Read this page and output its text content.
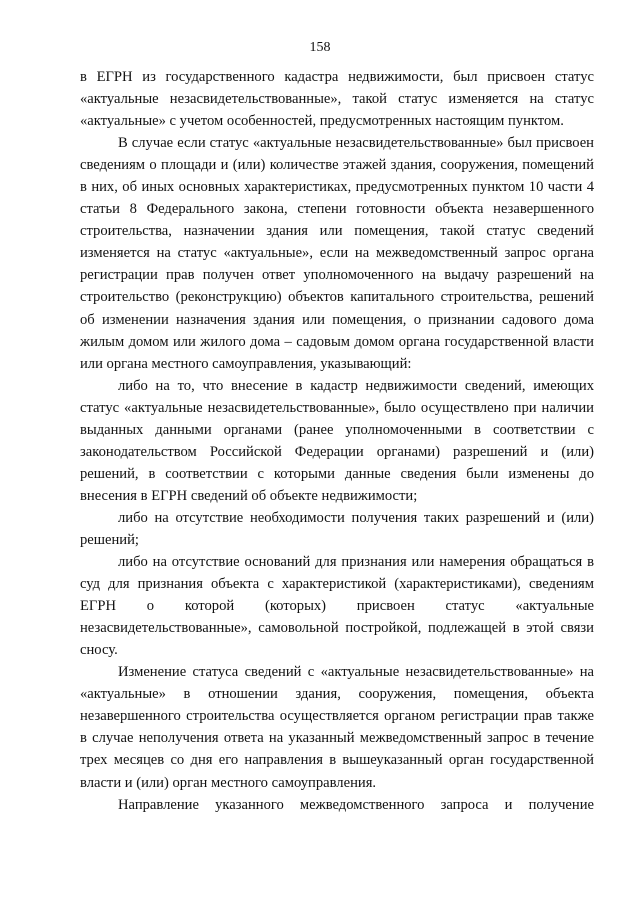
158

в ЕГРН из государственного кадастра недвижимости, был присвоен статус «актуальные незасвидетельствованные», такой статус изменяется на статус «актуальные» с учетом особенностей, предусмотренных настоящим пунктом.

В случае если статус «актуальные незасвидетельствованные» был присвоен сведениям о площади и (или) количестве этажей здания, сооружения, помещений в них, об иных основных характеристиках, предусмотренных пунктом 10 части 4 статьи 8 Федерального закона, степени готовности объекта незавершенного строительства, назначении здания или помещения, такой статус сведений изменяется на статус «актуальные», если на межведомственный запрос органа регистрации прав получен ответ уполномоченного на выдачу разрешений на строительство (реконструкцию) объектов капитального строительства, решений об изменении назначения здания или помещения, о признании садового дома жилым домом или жилого дома – садовым домом органа государственной власти или органа местного самоуправления, указывающий:

либо на то, что внесение в кадастр недвижимости сведений, имеющих статус «актуальные незасвидетельствованные», было осуществлено при наличии выданных данными органами (ранее уполномоченными в соответствии с законодательством Российской Федерации органами) разрешений и (или) решений, в соответствии с которыми данные сведения были изменены до внесения в ЕГРН сведений об объекте недвижимости;

либо на отсутствие необходимости получения таких разрешений и (или) решений;

либо на отсутствие оснований для признания или намерения обращаться в суд для признания объекта с характеристикой (характеристиками), сведениям ЕГРН о которой (которых) присвоен статус «актуальные незасвидетельствованные», самовольной постройкой, подлежащей в этой связи сносу.

Изменение статуса сведений с «актуальные незасвидетельствованные» на «актуальные» в отношении здания, сооружения, помещения, объекта незавершенного строительства осуществляется органом регистрации прав также в случае неполучения ответа на указанный межведомственный запрос в течение трех месяцев со дня его направления в вышеуказанный орган государственной власти и (или) орган местного самоуправления.

Направление указанного межведомственного запроса и получение
